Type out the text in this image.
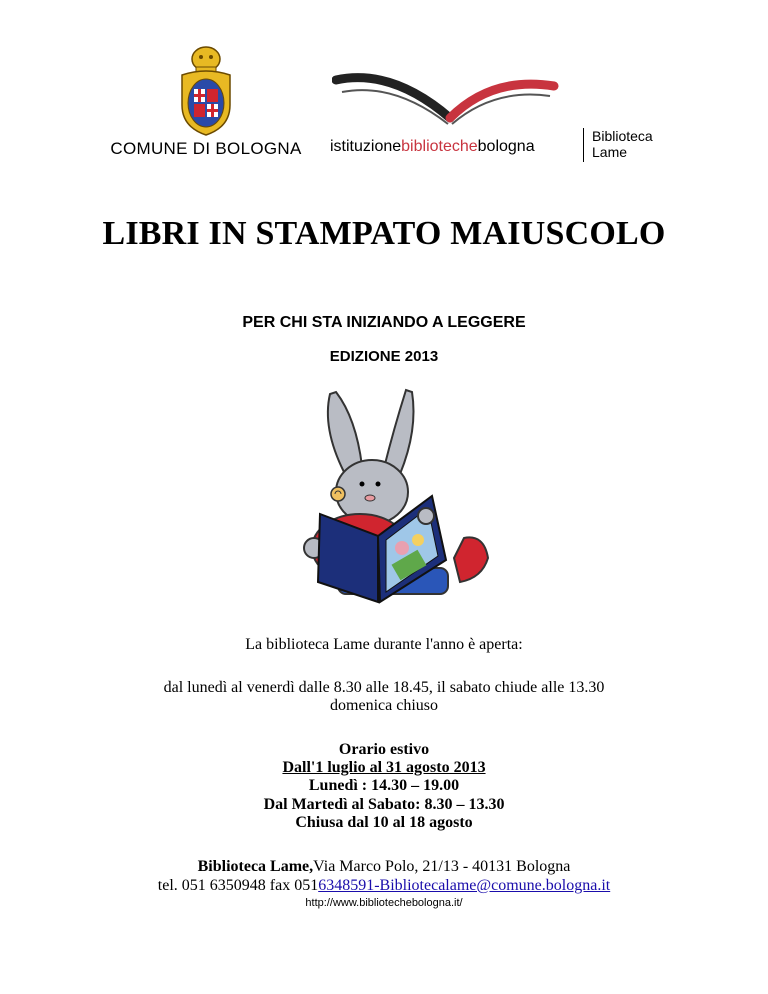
COMUNE DI BOLOGNA	istituzionebibliotechebologna
Biblioteca
Lame
LIBRI IN STAMPATO MAIUSCOLO
PER CHI STA INIZIANDO A LEGGERE
EDIZIONE 2013
La biblioteca Lame durante l'anno è aperta:
dal lunedì al venerdì dalle 8.30 alle 18.45, il sabato chiude alle 13.30
domenica chiuso
Orario estivo
Dall'1 luglio al 31 agosto 2013
Lunedì : 14.30 – 19.00
Dal Martedì al Sabato: 8.30 – 13.30
Chiusa dal 10 al 18 agosto
Biblioteca Lame,Via Marco Polo, 21/13 - 40131 Bologna
tel. 051 6350948 fax 0516348591-Bibliotecalame@comune.bologna.it
http://www.bibliotechebologna.it/
